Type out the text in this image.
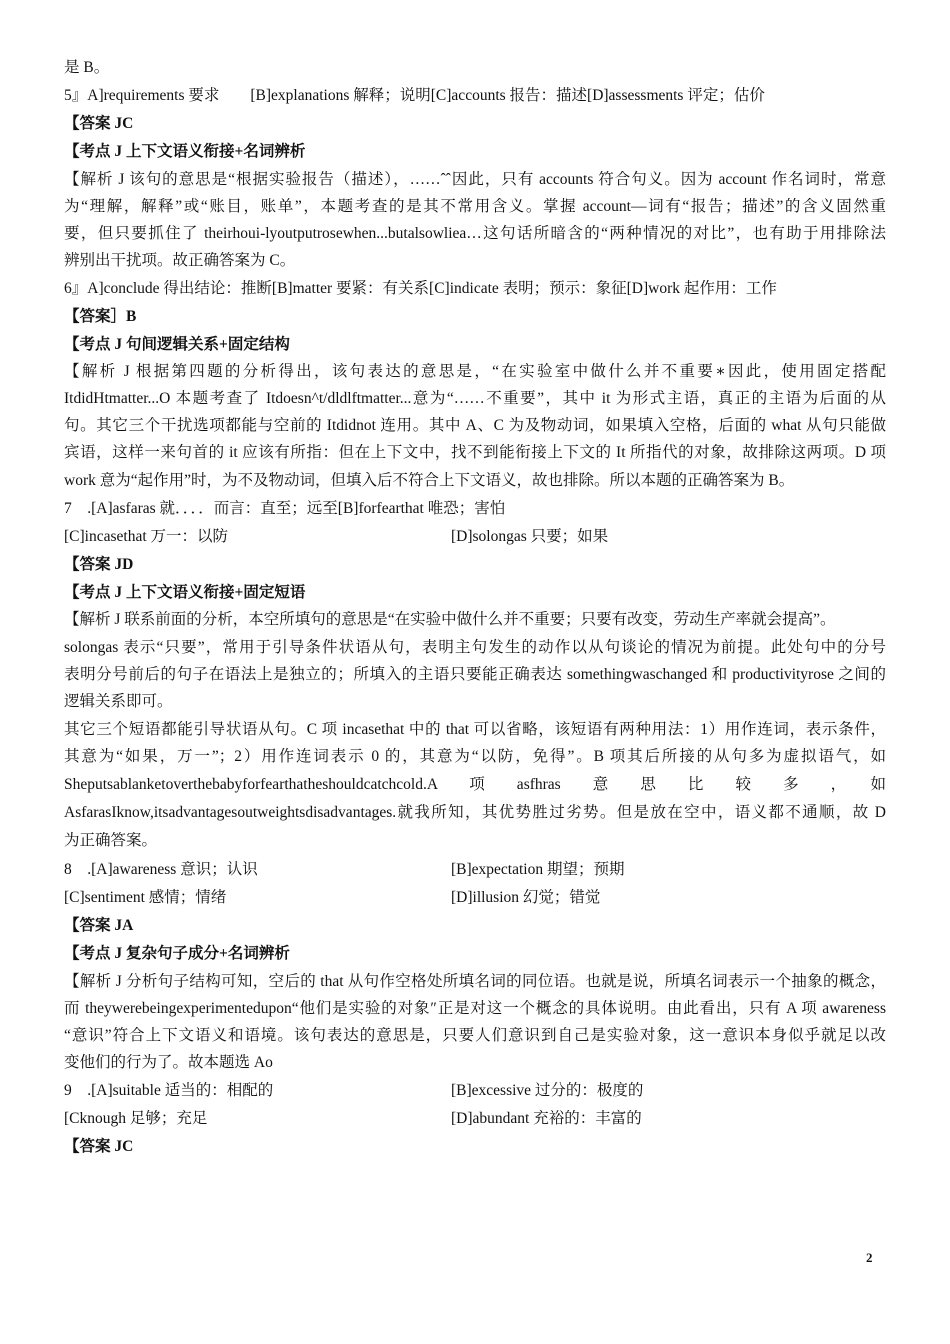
是 B。
5』A]requirements 要求　　[B]explanations 解释；说明[C]accounts 报告：描述[D]assessments 评定；估价
【答案 JC
【考点 J 上下文语义衔接+名词辨析
【解析 J 该句的意思是“根据实验报告（描述），……ˆˆ因此，只有 accounts 符合句义。因为 account 作名词时，常意
为“理解，解释”或“账目，账单”，本题考查的是其不常用含义。掌握 account—词有“报告；描述”的含义固然重
要，但只要抓住了 theirhoui-lyoutputrosewhen...butalsowliea…这句话所暗含的“两种情况的对比”，也有助于用排除法
辨别出干扰项。故正确答案为 C。
6』A]conclude 得出结论：推断[B]matter 要紧：有关系[C]indicate 表明；预示：象征[D]work 起作用：工作
【答案］B
【考点 J 句间逻辑关系+固定结构
【解析 J 根据第四题的分析得出，该句表达的意思是，“在实验室中做什么并不重要∗因此，使用固定搭配
ItdidHtmatter...O 本题考查了 Itdoesn^t/dldlftmatter...意为“……不重要”，其中 it 为形式主语，真正的主语为后面的从
句。其它三个干扰选项都能与空前的 Itdidnot 连用。其中 A、C 为及物动词，如果填入空格，后面的 what 从句只能做
宾语，这样一来句首的 it 应该有所指：但在上下文中，找不到能衔接上下文的 It 所指代的对象，故排除这两项。D 项
work 意为“起作用”时，为不及物动词，但填入后不符合上下文语义，故也排除。所以本题的正确答案为 B。
7　.[A]asfaras 就．．．．而言：直至；远至[B]forfearthat 唯恐；害怕
[C]incasethat 万一：以防	[D]solongas 只要；如果
【答案 JD
【考点 J 上下文语义衔接+固定短语
【解析 J 联系前面的分析，本空所填句的意思是“在实验中做什么并不重要；只要有改变，劳动生产率就会提高”。
solongas 表示“只要”，常用于引导条件状语从句，表明主句发生的动作以从句谈论的情况为前提。此处句中的分号
表明分号前后的句子在语法上是独立的；所填入的主语只要能正确表达 somethingwaschanged 和 productivityrose 之间的
逻辑关系即可。
其它三个短语都能引导状语从句。C 项 incasethat 中的 that 可以省略，该短语有两种用法：1）用作连词，表示条件，
其意为“如果，万一”；2）用作连词表示 0 的，其意为“以防，免得”。B 项其后所接的从句多为虚拟语气，如
Sheputsablanketoverthebabyforfearthatheshouldcatchcold.A　项　asfhras　意　思　比　较　多　，　如
AsfarasIknow,itsadvantagesoutweightsdisadvantages.就我所知，其优势胜过劣势。但是放在空中，语义都不通顺，故 D
为正确答案。
8　.[A]awareness 意识；认识	[B]expectation 期望；预期
[C]sentiment 感情；情绪	[D]illusion 幻觉；错觉
【答案 JA
【考点 J 复杂句子成分+名词辨析
【解析 J 分析句子结构可知，空后的 that 从句作空格处所填名词的同位语。也就是说，所填名词表示一个抽象的概念，
而 theywerebeingexperimentedupon“他们是实验的对象″正是对这一个概念的具体说明。由此看出，只有 A 项 awareness
“意识”符合上下文语义和语境。该句表达的意思是，只要人们意识到自己是实验对象，这一意识本身似乎就足以改
变他们的行为了。故本题选 Ao
9　.[A]suitable 适当的：相配的	[B]excessive 过分的：极度的
[Cknough 足够；充足	[D]abundant 充裕的：丰富的
【答案 JC
2
